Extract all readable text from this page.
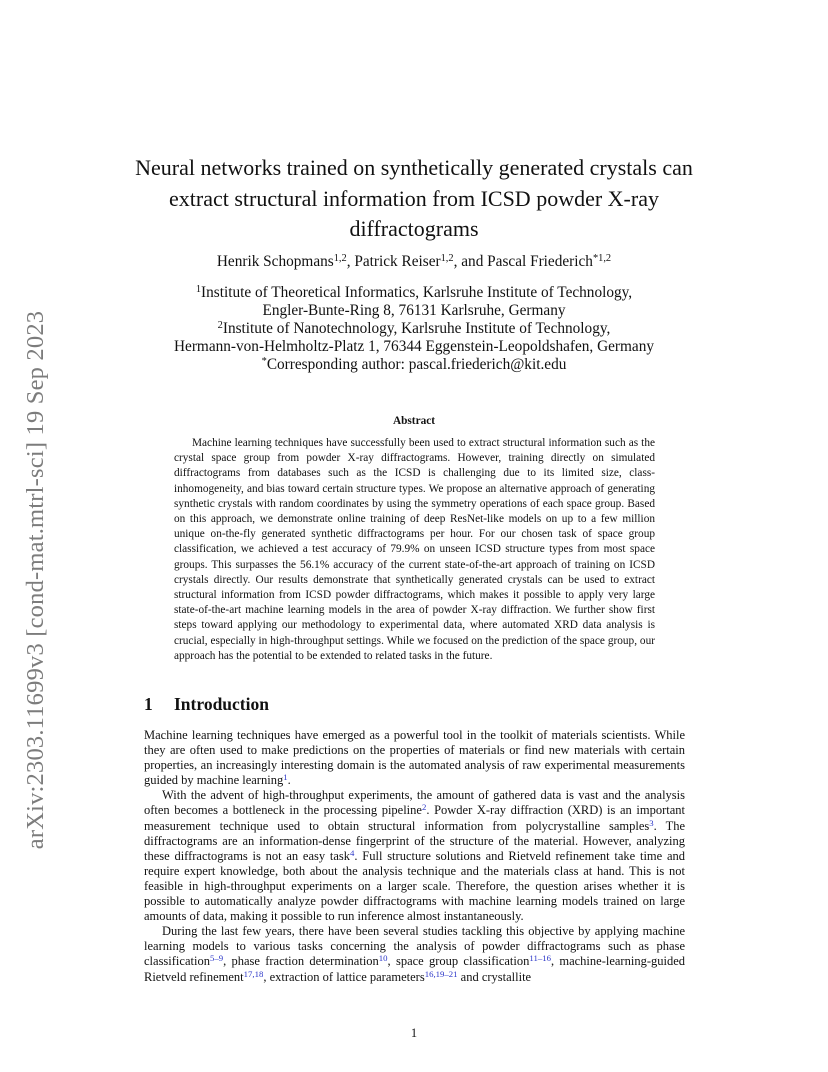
arXiv:2303.11699v3 [cond-mat.mtrl-sci] 19 Sep 2023
Neural networks trained on synthetically generated crystals can extract structural information from ICSD powder X-ray diffractograms
Henrik Schopmans$^{1,2}$, Patrick Reiser$^{1,2}$, and Pascal Friederich$^{*1,2}$
$^1$Institute of Theoretical Informatics, Karlsruhe Institute of Technology,
Engler-Bunte-Ring 8, 76131 Karlsruhe, Germany
$^2$Institute of Nanotechnology, Karlsruhe Institute of Technology,
Hermann-von-Helmholtz-Platz 1, 76344 Eggenstein-Leopoldshafen, Germany
*Corresponding author: pascal.friederich@kit.edu
Abstract

Machine learning techniques have successfully been used to extract structural information such as the crystal space group from powder X-ray diffractograms. However, training directly on simulated diffractograms from databases such as the ICSD is challenging due to its limited size, class-inhomogeneity, and bias toward certain structure types. We propose an alternative approach of generating synthetic crystals with random coordinates by using the symmetry operations of each space group. Based on this approach, we demonstrate online training of deep ResNet-like models on up to a few million unique on-the-fly generated synthetic diffractograms per hour. For our chosen task of space group classification, we achieved a test accuracy of 79.9% on unseen ICSD structure types from most space groups. This surpasses the 56.1% accuracy of the current state-of-the-art approach of training on ICSD crystals directly. Our results demonstrate that synthetically generated crystals can be used to extract structural information from ICSD powder diffractograms, which makes it possible to apply very large state-of-the-art machine learning models in the area of powder X-ray diffraction. We further show first steps toward applying our methodology to experimental data, where automated XRD data analysis is crucial, especially in high-throughput settings. While we focused on the prediction of the space group, our approach has the potential to be extended to related tasks in the future.

1 Introduction

Machine learning techniques have emerged as a powerful tool in the toolkit of materials scientists. While they are often used to make predictions on the properties of materials or find new materials with certain properties, an increasingly interesting domain is the automated analysis of raw experimental measurements guided by machine learning$^1$.

With the advent of high-throughput experiments, the amount of gathered data is vast and the analysis often becomes a bottleneck in the processing pipeline$^2$. Powder X-ray diffraction (XRD) is an important measurement technique used to obtain structural information from polycrystalline samples$^3$. The diffractograms are an information-dense fingerprint of the structure of the material. However, analyzing these diffractograms is not an easy task$^4$. Full structure solutions and Rietveld refinement take time and require expert knowledge, both about the analysis technique and the materials class at hand. This is not feasible in high-throughput experiments on a larger scale. Therefore, the question arises whether it is possible to automatically analyze powder diffractograms with machine learning models trained on large amounts of data, making it possible to run inference almost instantaneously.

During the last few years, there have been several studies tackling this objective by applying machine learning models to various tasks concerning the analysis of powder diffractograms such as phase classification$^{5-9}$, phase fraction determination$^{10}$, space group classification$^{11-16}$, machine-learning-guided Rietveld refinement$^{17,18}$, extraction of lattice parameters$^{16,19-21}$ and crystallite

1
